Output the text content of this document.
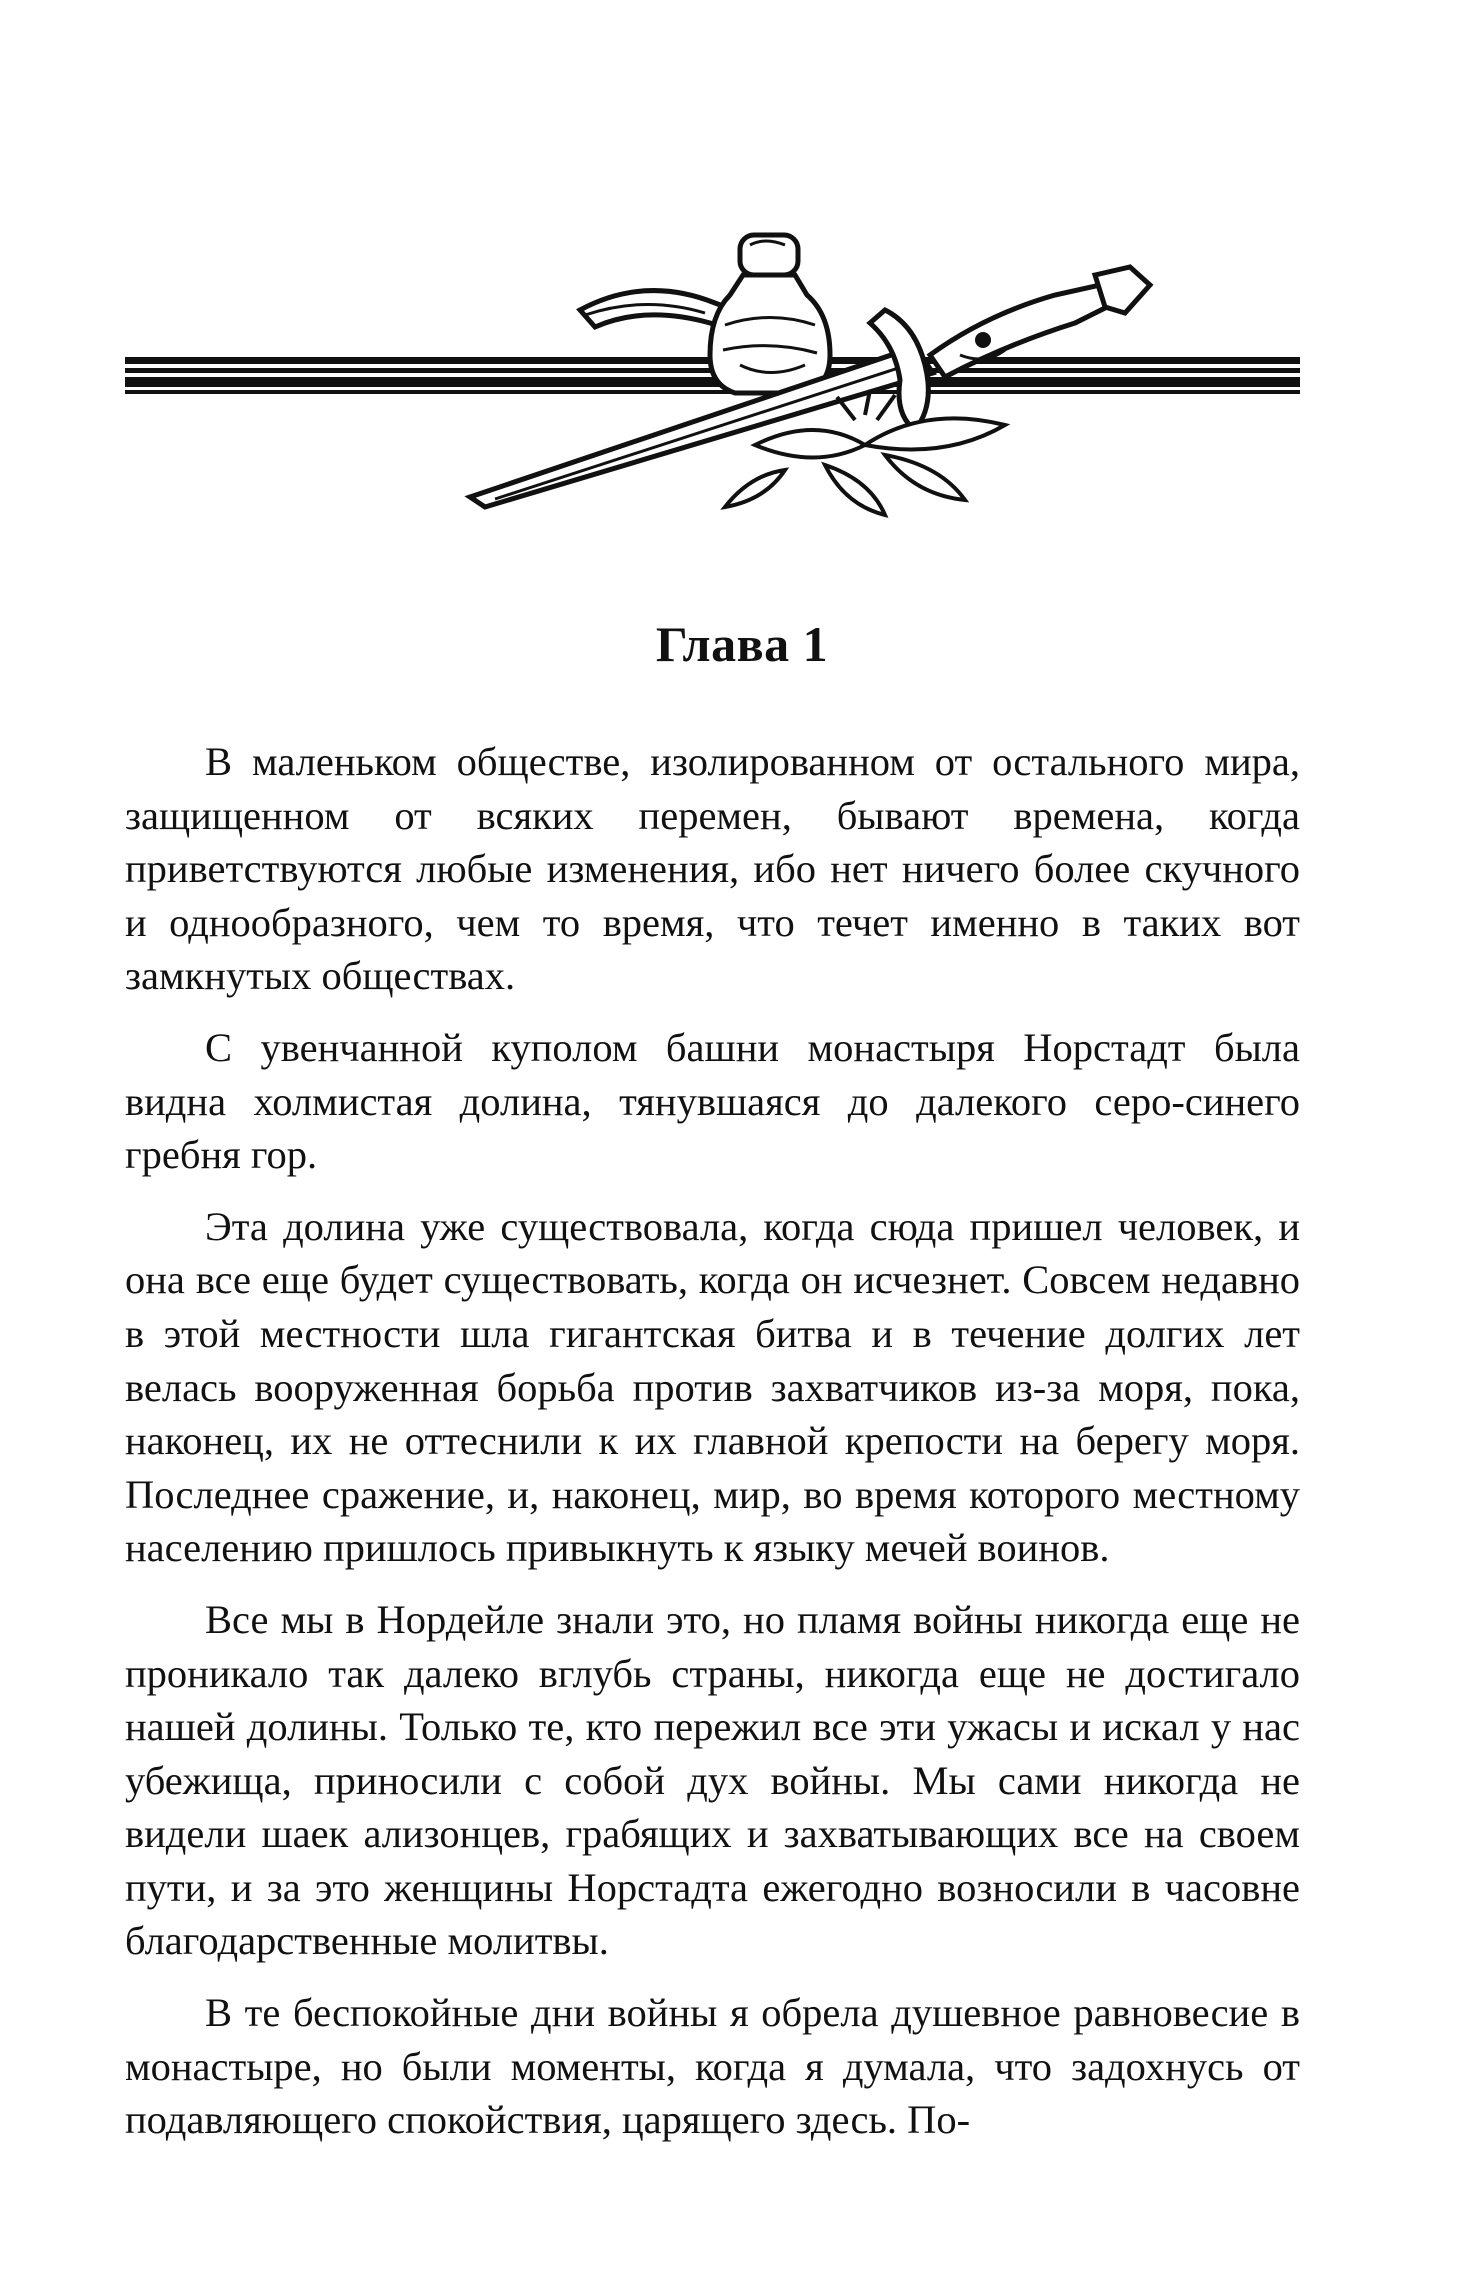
Глава 1

В маленьком обществе, изолированном от остального мира, защищенном от всяких перемен, бывают времена, когда приветствуются любые изменения, ибо нет ничего более скучного и однообразного, чем то время, что течет именно в таких вот замкнутых обществах.

С увенчанной куполом башни монастыря Норстадт была видна холмистая долина, тянувшаяся до далекого серо-синего гребня гор.

Эта долина уже существовала, когда сюда пришел человек, и она все еще будет существовать, когда он исчезнет. Совсем недавно в этой местности шла гигантская битва и в течение долгих лет велась вооруженная борьба против захватчиков из-за моря, пока, наконец, их не оттеснили к их главной крепости на берегу моря. Последнее сражение, и, наконец, мир, во время которого местному населению пришлось привыкнуть к языку мечей воинов.

Все мы в Нордейле знали это, но пламя войны никогда еще не проникало так далеко вглубь страны, никогда еще не достигало нашей долины. Только те, кто пережил все эти ужасы и искал у нас убежища, приносили с собой дух войны. Мы сами никогда не видели шаек ализонцев, грабящих и захватывающих все на своем пути, и за это женщины Норстадта ежегодно возносили в часовне благодарственные молитвы.

В те беспокойные дни войны я обрела душевное равновесие в монастыре, но были моменты, когда я думала, что задохнусь от подавляющего спокойствия, царящего здесь. По-
